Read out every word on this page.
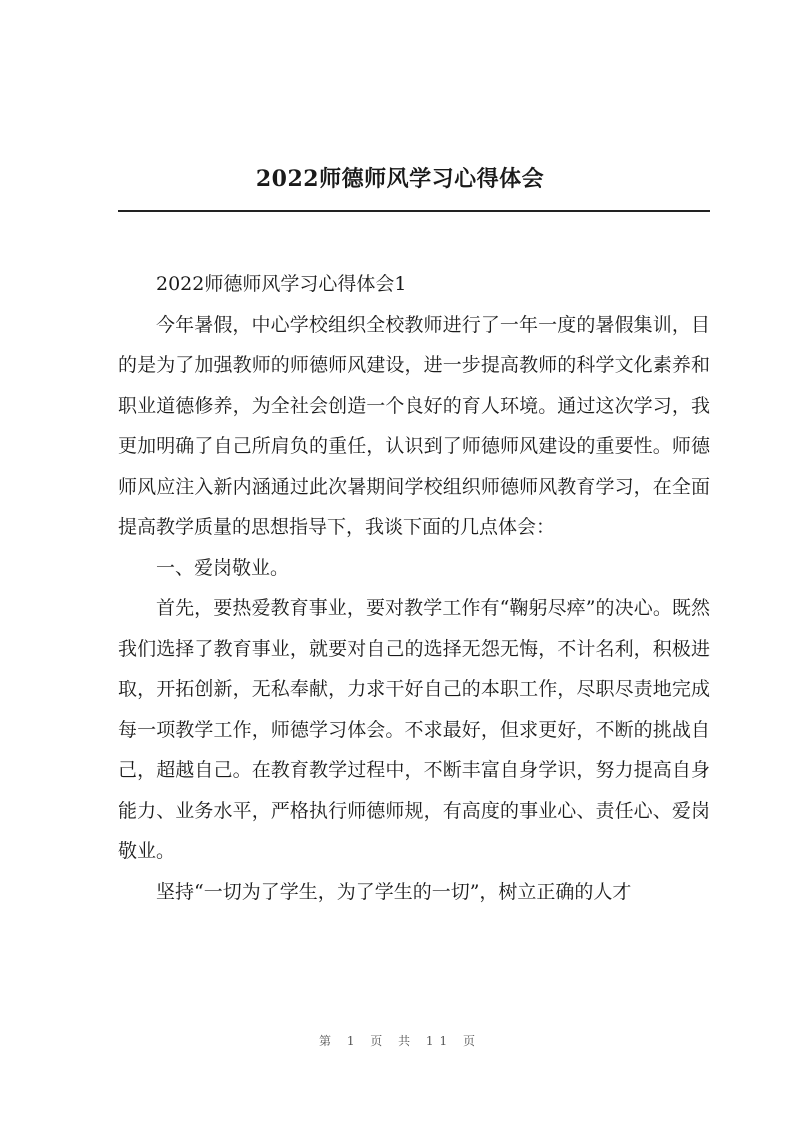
2022师德师风学习心得体会

2022师德师风学习心得体会1

今年暑假，中心学校组织全校教师进行了一年一度的暑假集训，目的是为了加强教师的师德师风建设，进一步提高教师的科学文化素养和职业道德修养，为全社会创造一个良好的育人环境。通过这次学习，我更加明确了自己所肩负的重任，认识到了师德师风建设的重要性。师德师风应注入新内涵通过此次暑期间学校组织师德师风教育学习，在全面提高教学质量的思想指导下，我谈下面的几点体会：

一、爱岗敬业。

首先，要热爱教育事业，要对教学工作有“鞠躬尽瘁”的决心。既然我们选择了教育事业，就要对自己的选择无怨无悔，不计名利，积极进取，开拓创新，无私奉献，力求干好自己的本职工作，尽职尽责地完成每一项教学工作，师德学习体会。不求最好，但求更好，不断的挑战自己，超越自己。在教育教学过程中，不断丰富自身学识，努力提高自身能力、业务水平，严格执行师德师规，有高度的事业心、责任心、爱岗敬业。

坚持“一切为了学生，为了学生的一切”，树立正确的人才

第 1 页 共 11 页
